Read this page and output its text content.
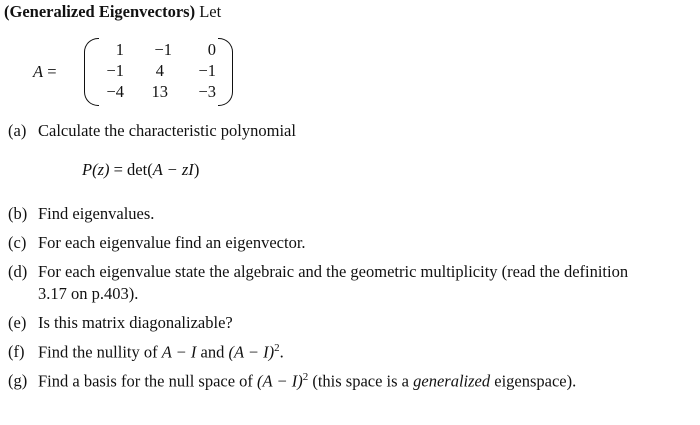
(Generalized Eigenvectors) Let
A =
1	−1	0
−1	4	−1
−4	13	−3
(a) Calculate the characteristic polynomial
P(z) = det(A − zI)
(b) Find eigenvalues.
(c) For each eigenvalue find an eigenvector.
(d) For each eigenvalue state the algebraic and the geometric multiplicity (read the definition
3.17 on p.403).
(e) Is this matrix diagonalizable?
(f) Find the nullity of A − I and $(A - I)^2$.
(g) Find a basis for the null space of $(A - I)^2$ (this space is a generalized eigenspace).
